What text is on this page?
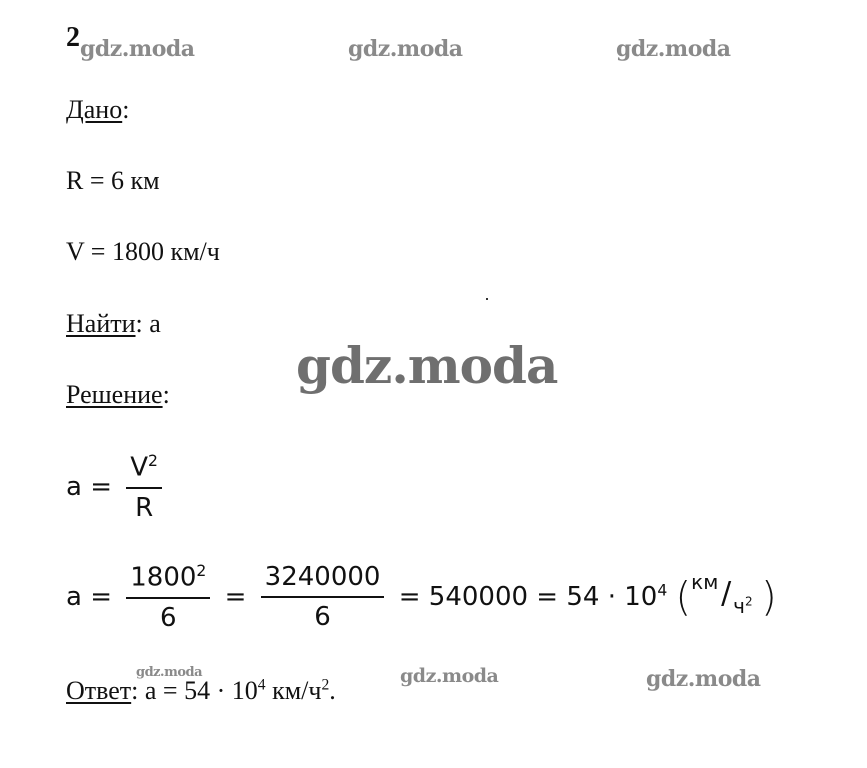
2 gdz.moda	gdz.moda	gdz.moda
Дано:
R = 6 км
V = 1800 км/ч
Найти: a
gdz.moda
Решение:
$a = \frac{V^2}{R}$
$a = \frac{1800^2}{6} = \frac{3240000}{6} = 540000 = 54 \cdot 10^4$ ( км / $ч^2$ )
gdz.moda	gdz.moda	gdz.moda
Ответ: $a = 54 \cdot 10^4$ $км/ч^2$.
